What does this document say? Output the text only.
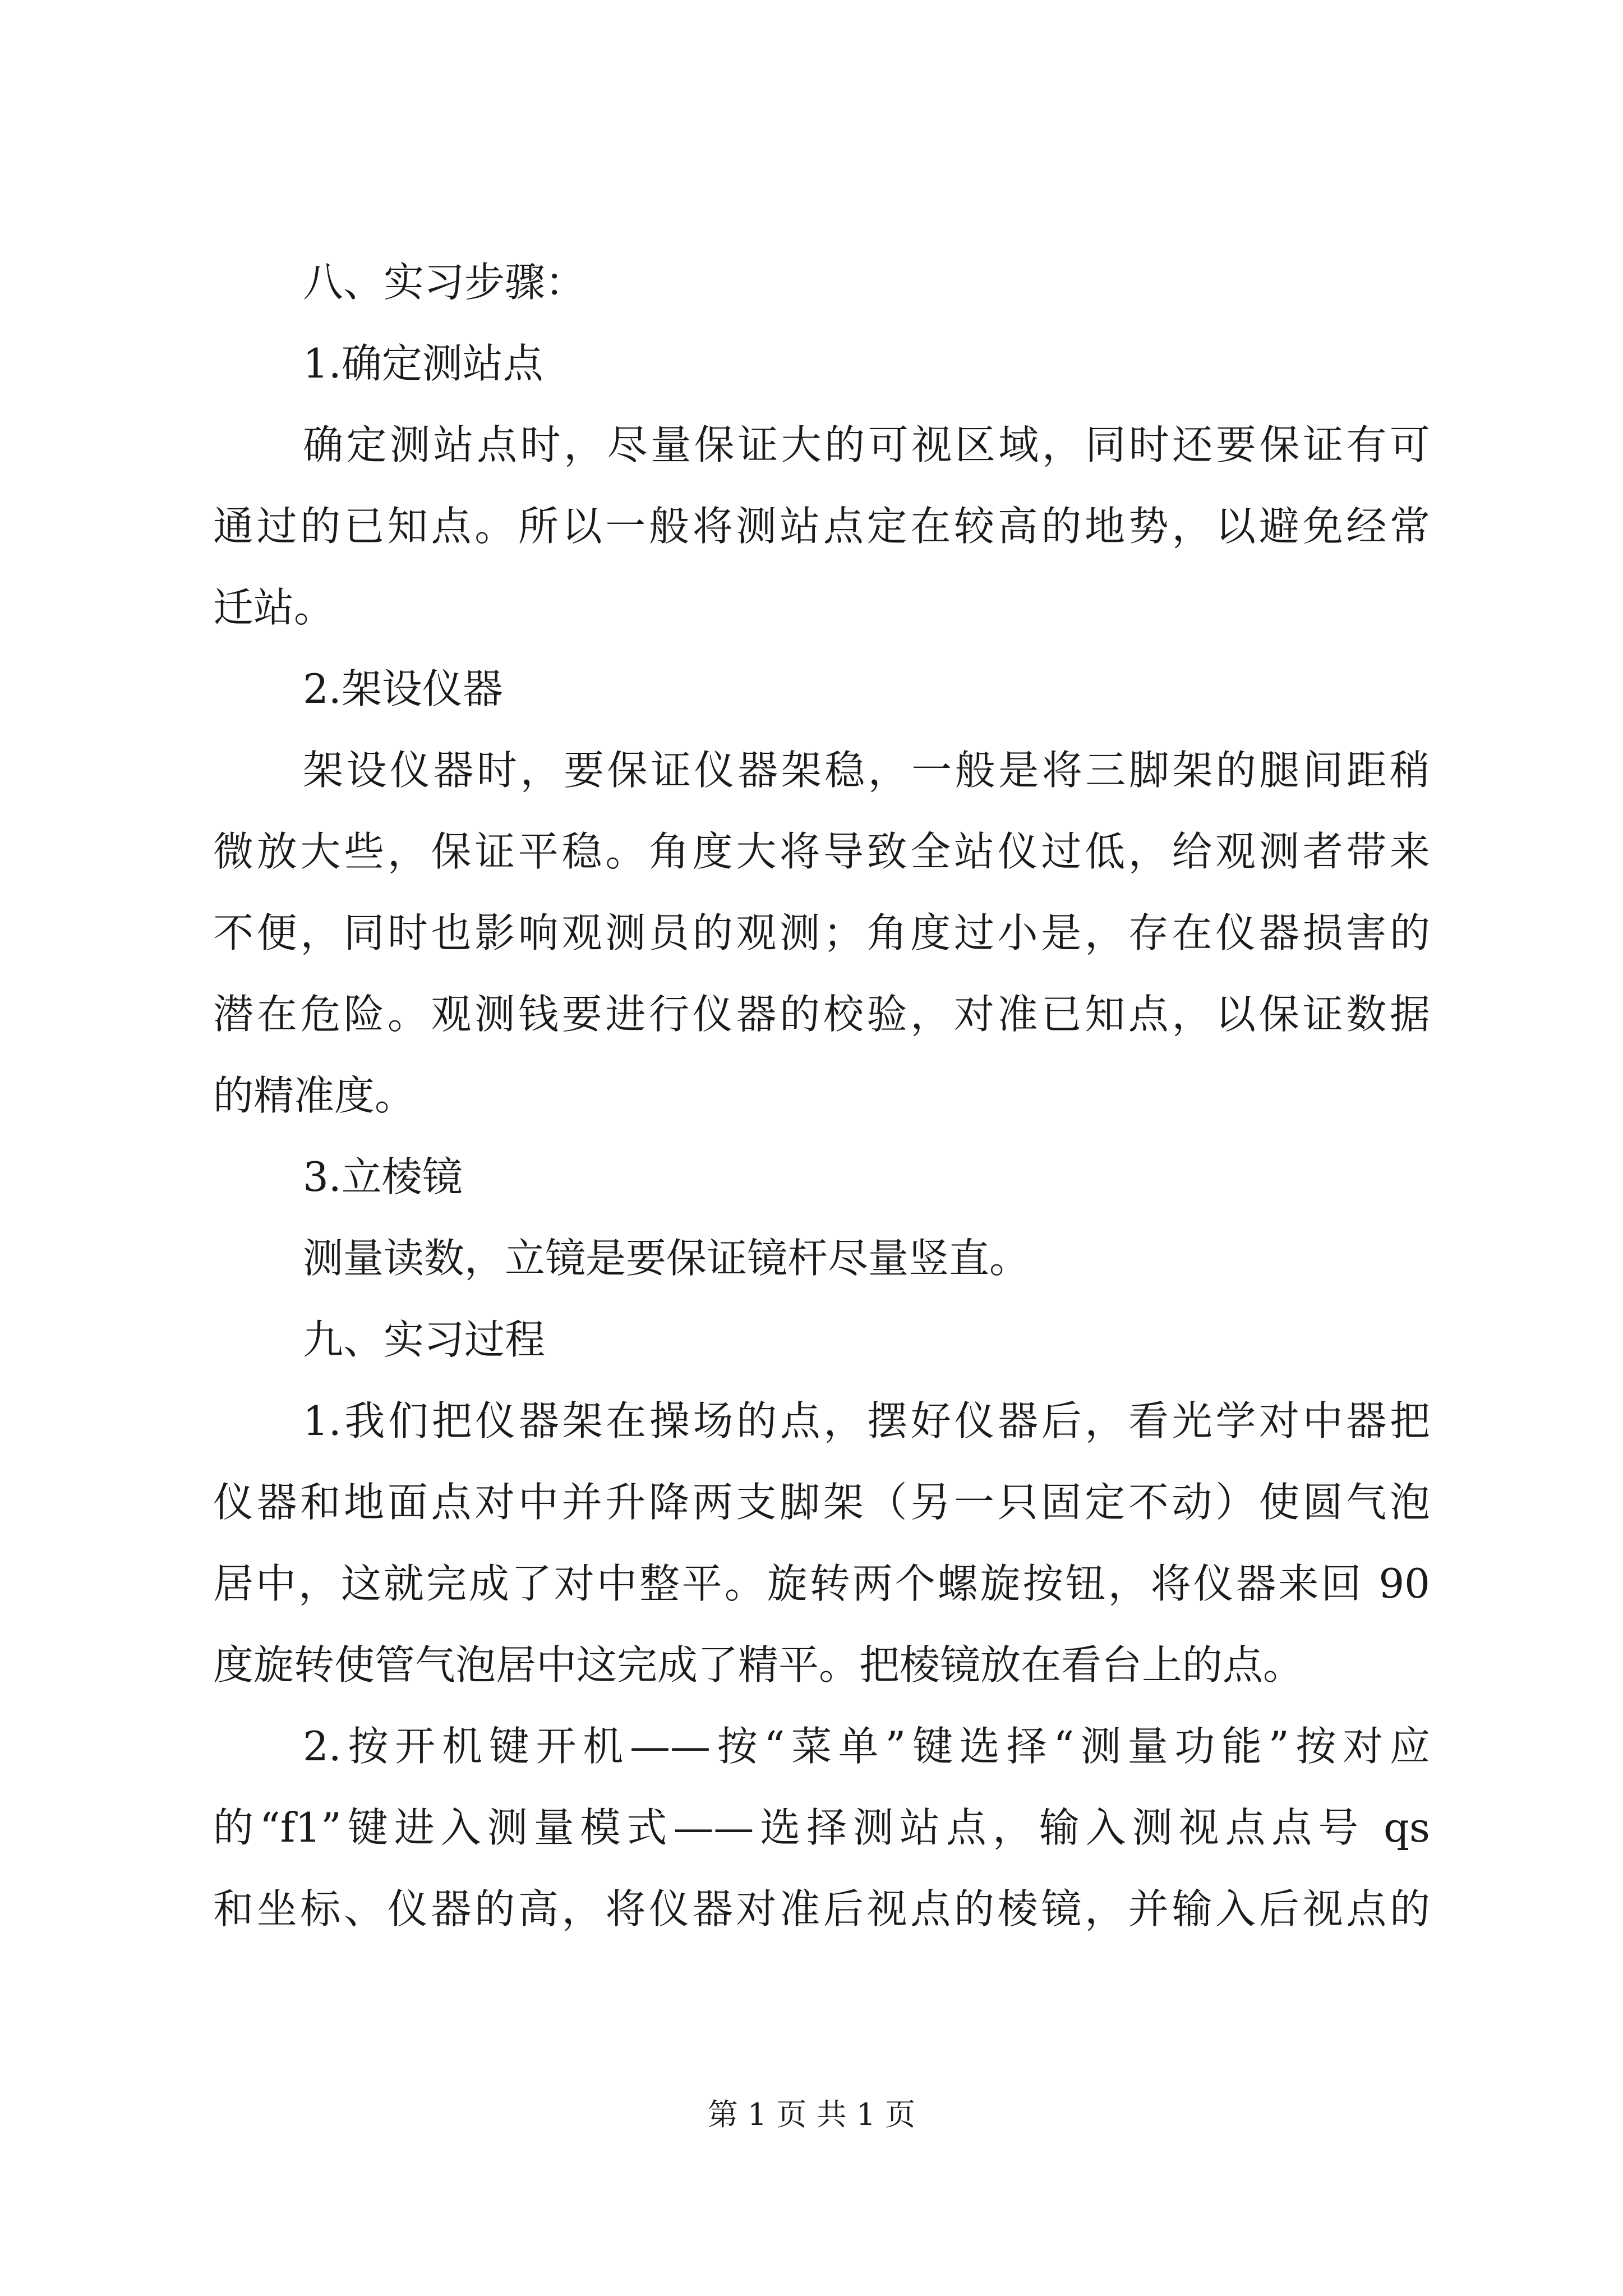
八、实习步骤：
1.确定测站点
确定测站点时，尽量保证大的可视区域，同时还要保证有可
通过的已知点。所以一般将测站点定在较高的地势，以避免经常
迁站。
2.架设仪器
架设仪器时，要保证仪器架稳，一般是将三脚架的腿间距稍
微放大些，保证平稳。角度大将导致全站仪过低，给观测者带来
不便，同时也影响观测员的观测；角度过小是，存在仪器损害的
潜在危险。观测钱要进行仪器的校验，对准已知点，以保证数据
的精准度。
3.立棱镜
测量读数，立镜是要保证镜杆尽量竖直。
九、实习过程
1.我们把仪器架在操场的点，摆好仪器后，看光学对中器把
仪器和地面点对中并升降两支脚架（另一只固定不动）使圆气泡
居中，这就完成了对中整平。旋转两个螺旋按钮，将仪器来回 90
度旋转使管气泡居中这完成了精平。把棱镜放在看台上的点。
2.按开机键开机——按“菜单”键选择“测量功能”按对应
的“f1”键进入测量模式——选择测站点，输入测视点点号 qs
和坐标、仪器的高，将仪器对准后视点的棱镜，并输入后视点的
第 1 页 共 1 页
